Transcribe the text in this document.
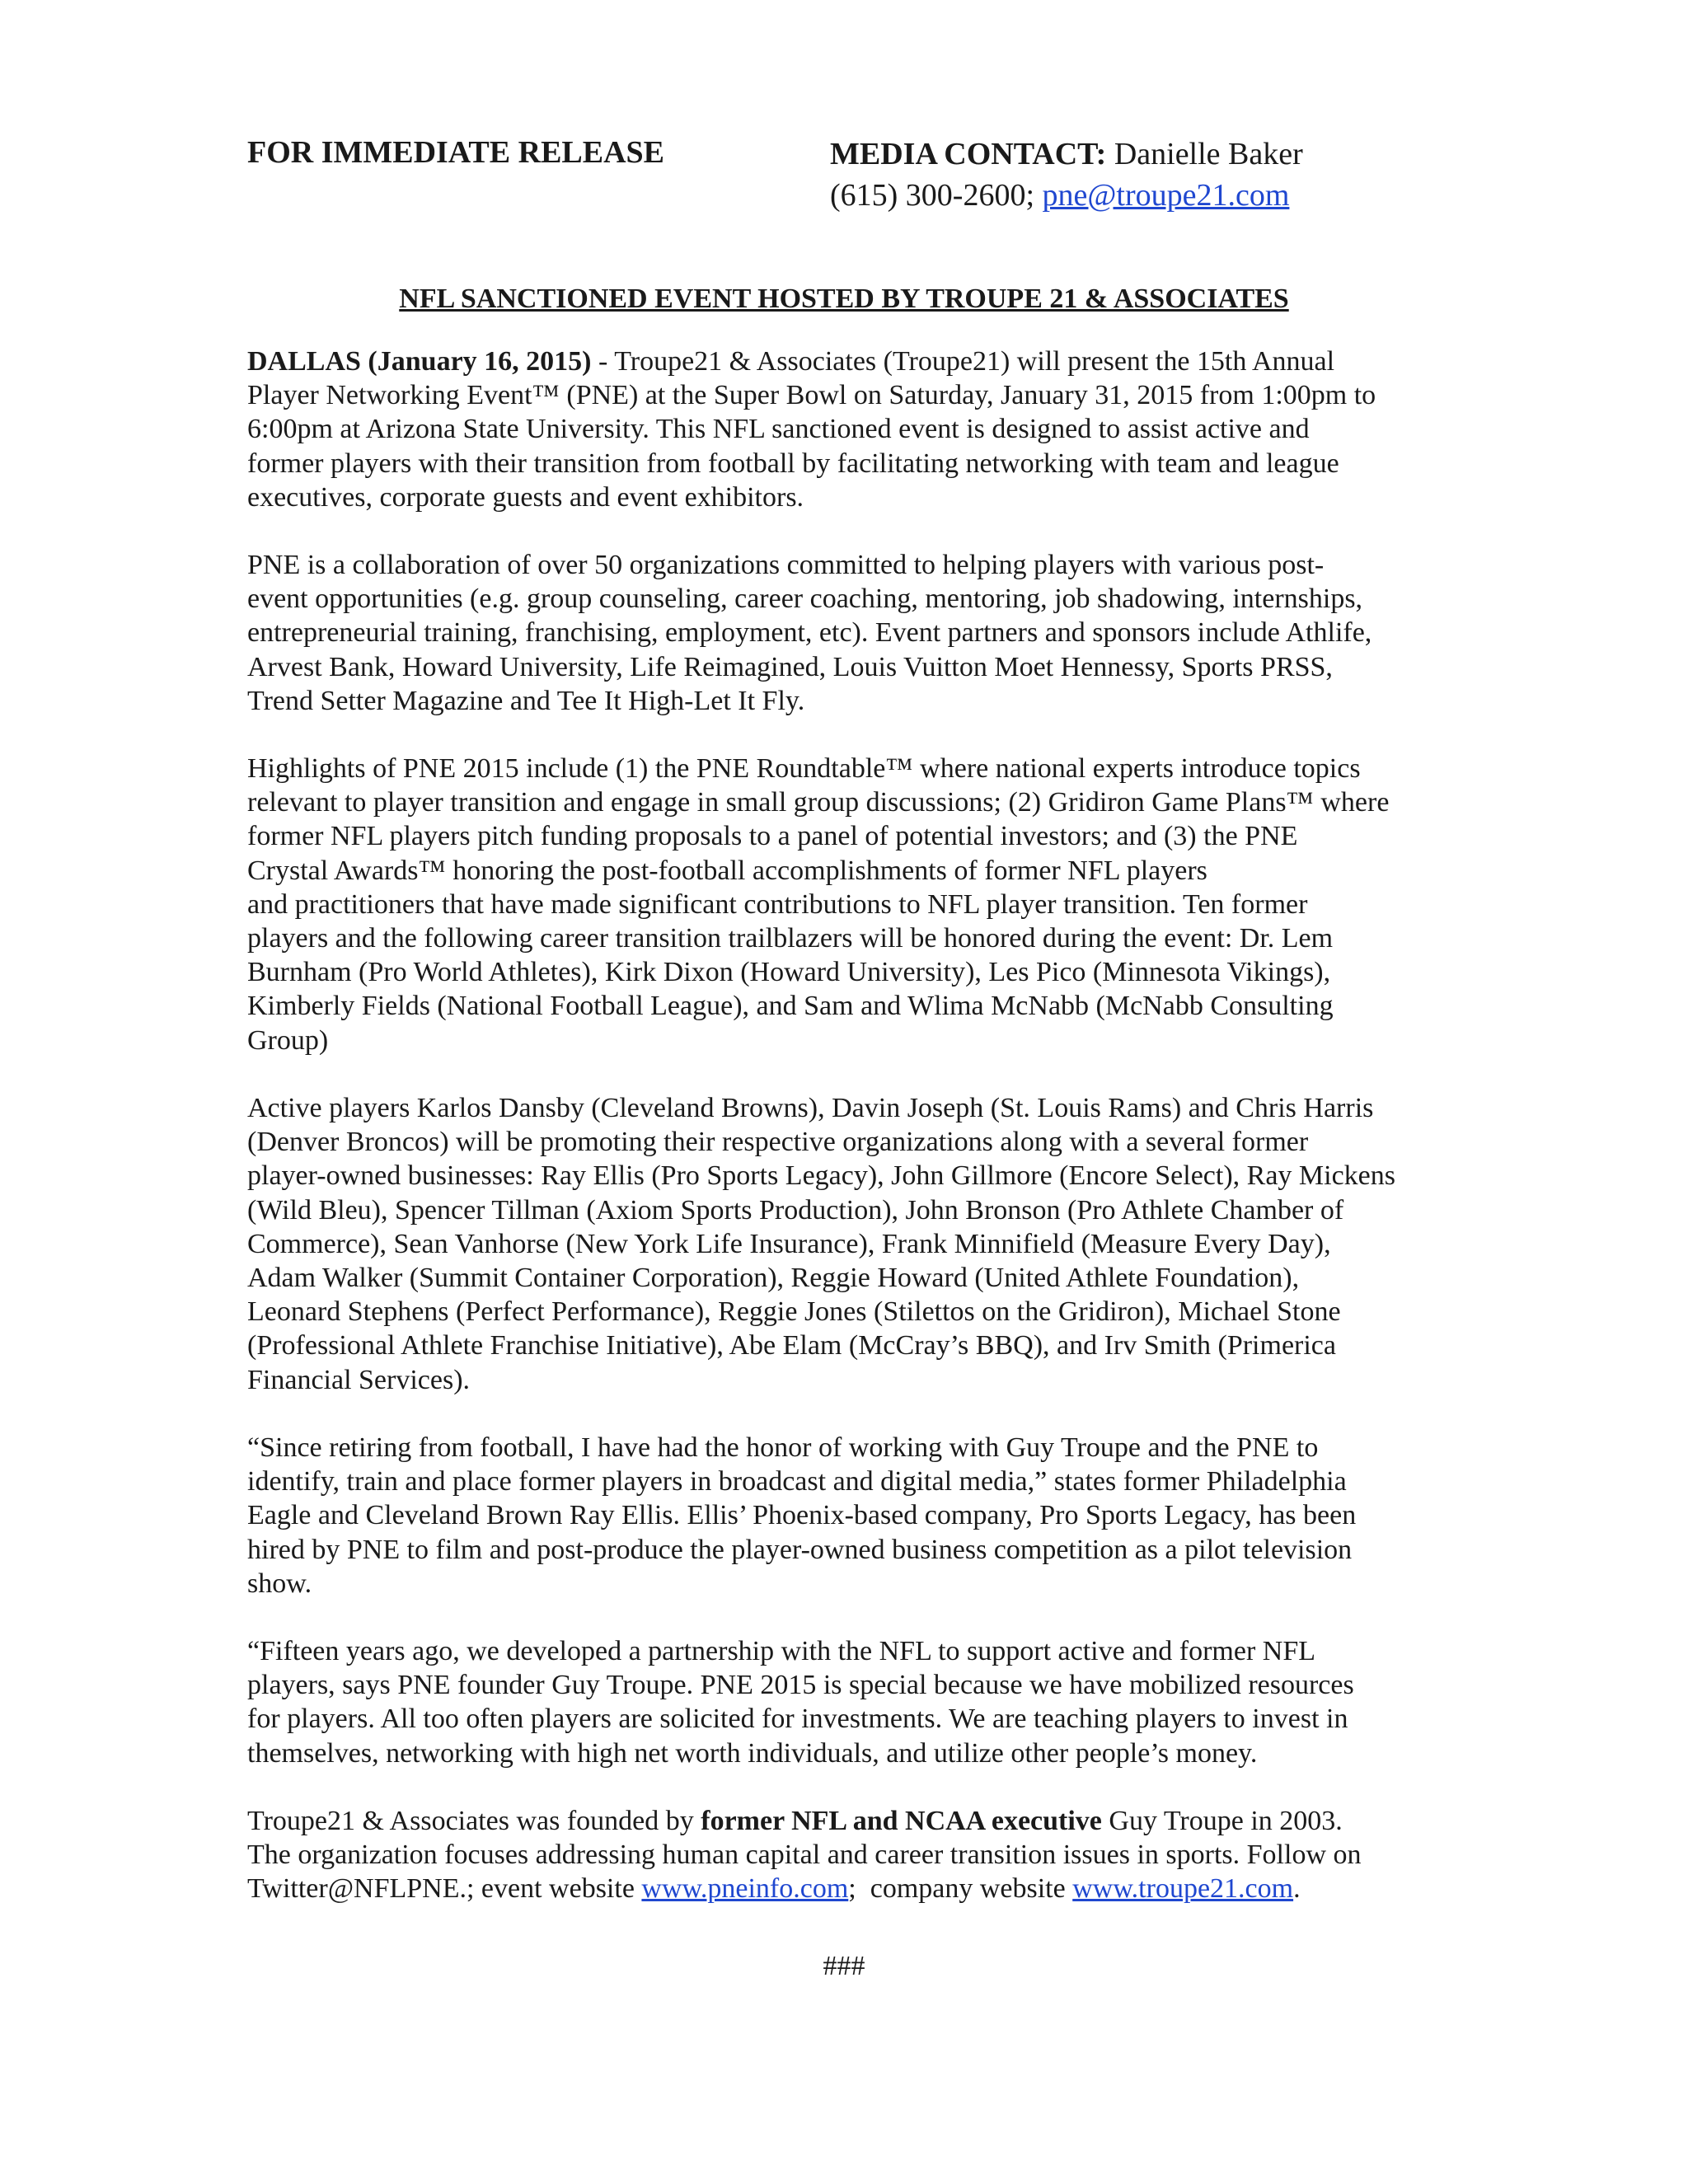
FOR IMMEDIATE RELEASE	MEDIA CONTACT: Danielle Baker
(615) 300-2600; pne@troupe21.com
NFL SANCTIONED EVENT HOSTED BY TROUPE 21 & ASSOCIATES
DALLAS (January 16, 2015) - Troupe21 & Associates (Troupe21) will present the 15th Annual
Player Networking Event™ (PNE) at the Super Bowl on Saturday, January 31, 2015 from 1:00pm to
6:00pm at Arizona State University. This NFL sanctioned event is designed to assist active and
former players with their transition from football by facilitating networking with team and league
executives, corporate guests and event exhibitors.
PNE is a collaboration of over 50 organizations committed to helping players with various post-
event opportunities (e.g. group counseling, career coaching, mentoring, job shadowing, internships,
entrepreneurial training, franchising, employment, etc). Event partners and sponsors include Athlife,
Arvest Bank, Howard University, Life Reimagined, Louis Vuitton Moet Hennessy, Sports PRSS,
Trend Setter Magazine and Tee It High-Let It Fly.
Highlights of PNE 2015 include (1) the PNE Roundtable™ where national experts introduce topics
relevant to player transition and engage in small group discussions; (2) Gridiron Game Plans™ where
former NFL players pitch funding proposals to a panel of potential investors; and (3) the PNE
Crystal Awards™ honoring the post-football accomplishments of former NFL players
and practitioners that have made significant contributions to NFL player transition. Ten former
players and the following career transition trailblazers will be honored during the event: Dr. Lem
Burnham (Pro World Athletes), Kirk Dixon (Howard University), Les Pico (Minnesota Vikings),
Kimberly Fields (National Football League), and Sam and Wlima McNabb (McNabb Consulting
Group)
Active players Karlos Dansby (Cleveland Browns), Davin Joseph (St. Louis Rams) and Chris Harris
(Denver Broncos) will be promoting their respective organizations along with a several former
player-owned businesses: Ray Ellis (Pro Sports Legacy), John Gillmore (Encore Select), Ray Mickens
(Wild Bleu), Spencer Tillman (Axiom Sports Production), John Bronson (Pro Athlete Chamber of
Commerce), Sean Vanhorse (New York Life Insurance), Frank Minnifield (Measure Every Day),
Adam Walker (Summit Container Corporation), Reggie Howard (United Athlete Foundation),
Leonard Stephens (Perfect Performance), Reggie Jones (Stilettos on the Gridiron), Michael Stone
(Professional Athlete Franchise Initiative), Abe Elam (McCray’s BBQ), and Irv Smith (Primerica
Financial Services).
“Since retiring from football, I have had the honor of working with Guy Troupe and the PNE to
identify, train and place former players in broadcast and digital media,” states former Philadelphia
Eagle and Cleveland Brown Ray Ellis. Ellis’ Phoenix-based company, Pro Sports Legacy, has been
hired by PNE to film and post-produce the player-owned business competition as a pilot television
show.
“Fifteen years ago, we developed a partnership with the NFL to support active and former NFL
players, says PNE founder Guy Troupe. PNE 2015 is special because we have mobilized resources
for players. All too often players are solicited for investments. We are teaching players to invest in
themselves, networking with high net worth individuals, and utilize other people’s money.
Troupe21 & Associates was founded by former NFL and NCAA executive Guy Troupe in 2003.
The organization focuses addressing human capital and career transition issues in sports. Follow on
Twitter@NFLPNE.; event website www.pneinfo.com;  company website www.troupe21.com.
###
